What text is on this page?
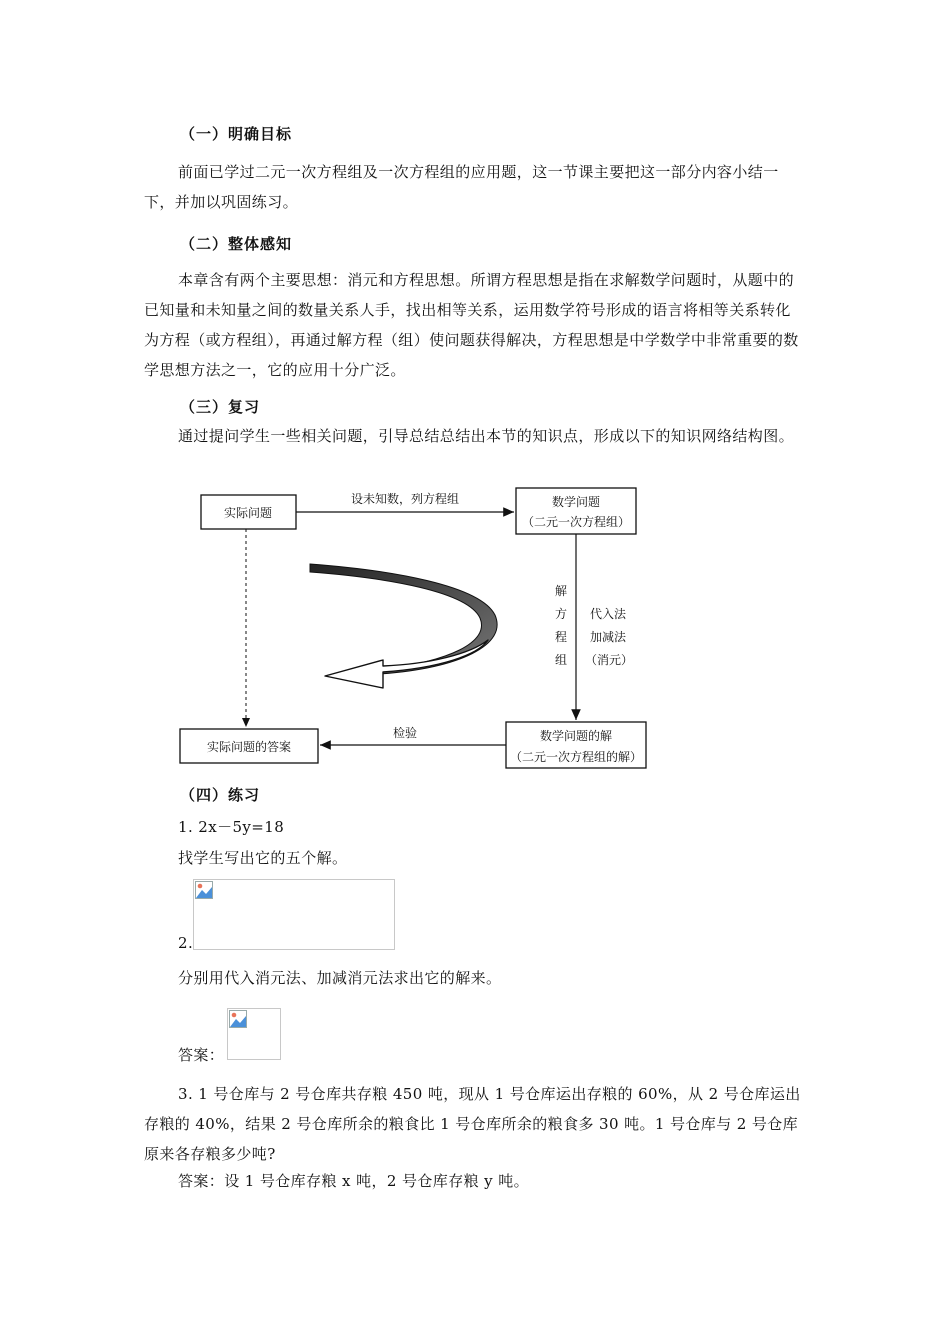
（一）明确目标

前面已学过二元一次方程组及一次方程组的应用题，这一节课主要把这一部分内容小结一下，并加以巩固练习。

（二）整体感知

本章含有两个主要思想：消元和方程思想。所谓方程思想是指在求解数学问题时，从题中的已知量和未知量之间的数量关系人手，找出相等关系，运用数学符号形成的语言将相等关系转化为方程（或方程组），再通过解方程（组）使问题获得解决，方程思想是中学数学中非常重要的数学思想方法之一，它的应用十分广泛。

（三）复习

通过提问学生一些相关问题，引导总结总结出本节的知识点，形成以下的知识网络结构图。

实际问题
数学问题
（二元一次方程组）
设未知数，列方程组
解
方
程
组
代入法
加减法
（消元）
数学问题的解
（二元一次方程组的解）
实际问题的答案
检验
（四）练习
1. 2x－5y=18
找学生写出它的五个解。
2.
分别用代入消元法、加减消元法求出它的解来。
答案：

3. 1 号仓库与 2 号仓库共存粮 450 吨，现从 1 号仓库运出存粮的 60%，从 2 号仓库运出存粮的 40%，结果 2 号仓库所余的粮食比 1 号仓库所余的粮食多 30 吨。1 号仓库与 2 号仓库原来各存粮多少吨?

答案：设 1 号仓库存粮 x 吨，2 号仓库存粮 y 吨。
